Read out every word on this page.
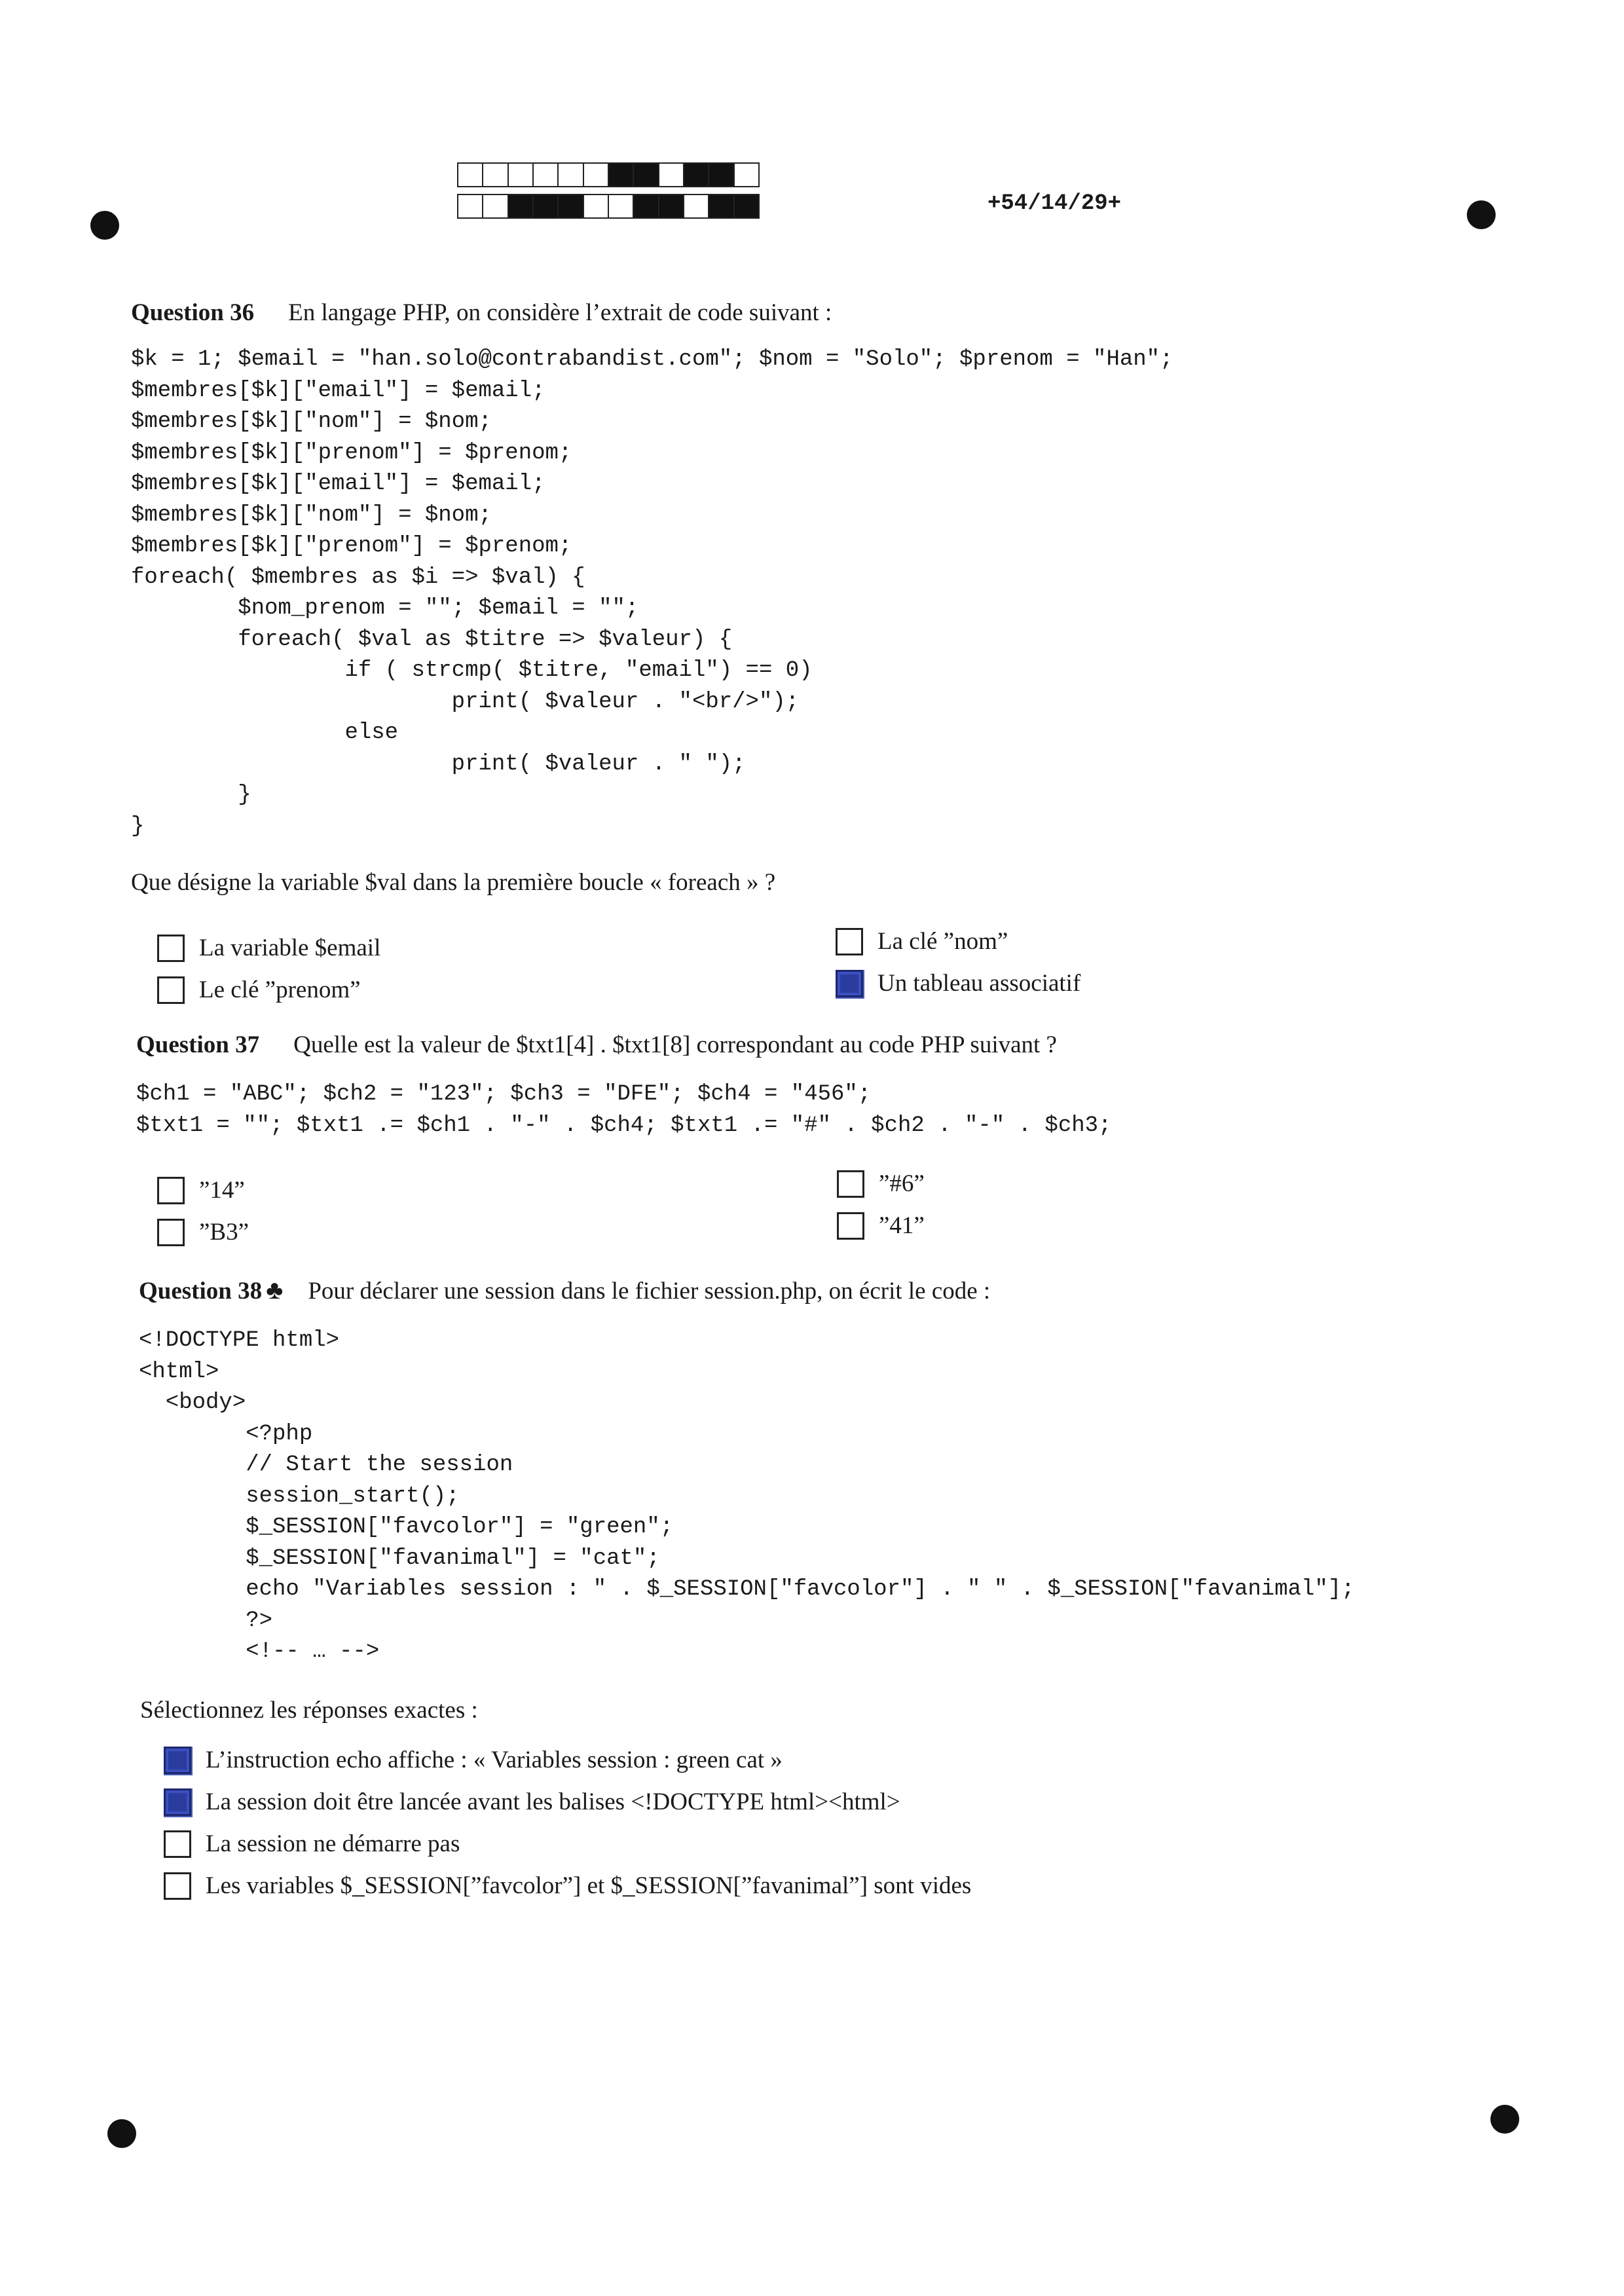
+54/14/29+
Question 36 En langage PHP, on considère l’extrait de code suivant :
$k = 1; $email = "han.solo@contrabandist.com"; $nom = "Solo"; $prenom = "Han";
$membres[$k]["email"] = $email;
$membres[$k]["nom"] = $nom;
$membres[$k]["prenom"] = $prenom;
$membres[$k]["email"] = $email;
$membres[$k]["nom"] = $nom;
$membres[$k]["prenom"] = $prenom;
foreach( $membres as $i => $val) {
$nom_prenom = ""; $email = "";
foreach( $val as $titre => $valeur) {
if ( strcmp( $titre, "email") == 0)
print( $valeur . "<br/>");
else
print( $valeur . " ");
}
}
Que désigne la variable $val dans la première boucle « foreach » ?
La variable $email
Le clé ”prenom”
La clé ”nom”
Un tableau associatif
Question 37 Quelle est la valeur de $txt1[4] . $txt1[8] correspondant au code PHP suivant ?
$ch1 = "ABC"; $ch2 = "123"; $ch3 = "DFE"; $ch4 = "456";
$txt1 = ""; $txt1 .= $ch1 . "-" . $ch4; $txt1 .= "#" . $ch2 . "-" . $ch3;
”14”
”B3”
”#6”
”41”
Question 38 ♣ Pour déclarer une session dans le fichier session.php, on écrit le code :
<!DOCTYPE html>
<html>
<body>
<?php
// Start the session
session_start();
$_SESSION["favcolor"] = "green";
$_SESSION["favanimal"] = "cat";
echo "Variables session : " . $_SESSION["favcolor"] . " " . $_SESSION["favanimal"];
?>
<!-- … -->
Sélectionnez les réponses exactes :
L’instruction echo affiche : « Variables session : green cat »
La session doit être lancée avant les balises <!DOCTYPE html><html>
La session ne démarre pas
Les variables $_SESSION[”favcolor”] et $_SESSION[”favanimal”] sont vides
